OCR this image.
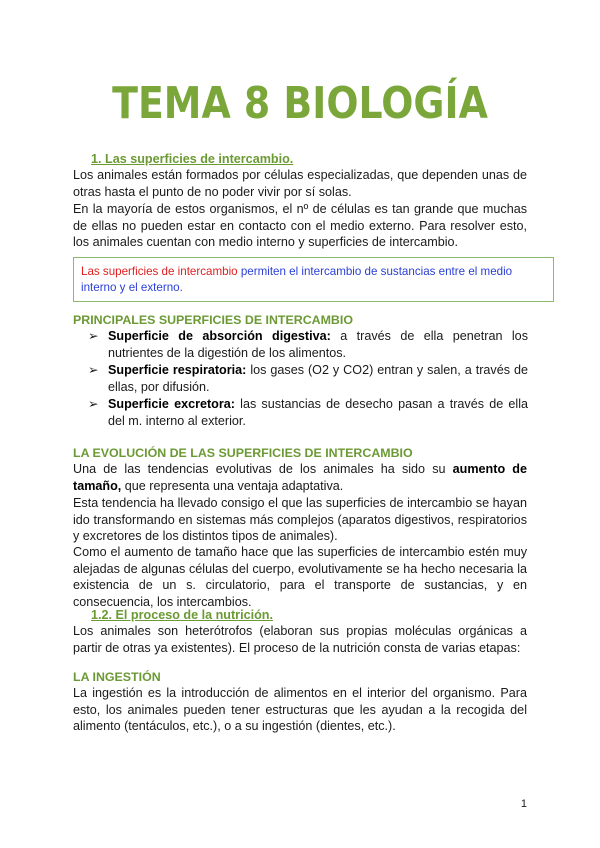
TEMA 8 BIOLOGÍA
1. Las superficies de intercambio.
Los animales están formados por células especializadas, que dependen unas de otras hasta el punto de no poder vivir por sí solas.
En la mayoría de estos organismos, el nº de células es tan grande que muchas de ellas no pueden estar en contacto con el medio externo. Para resolver esto, los animales cuentan con medio interno y superficies de intercambio.
Las superficies de intercambio permiten el intercambio de sustancias entre el medio interno y el externo.
PRINCIPALES SUPERFICIES DE INTERCAMBIO
➢ Superficie de absorción digestiva: a través de ella penetran los nutrientes de la digestión de los alimentos.
➢ Superficie respiratoria: los gases (O2 y CO2) entran y salen, a través de ellas, por difusión.
➢ Superficie excretora: las sustancias de desecho pasan a través de ella del m. interno al exterior.
LA EVOLUCIÓN DE LAS SUPERFICIES DE INTERCAMBIO
Una de las tendencias evolutivas de los animales ha sido su aumento de tamaño, que representa una ventaja adaptativa.
Esta tendencia ha llevado consigo el que las superficies de intercambio se hayan ido transformando en sistemas más complejos (aparatos digestivos, respiratorios y excretores de los distintos tipos de animales).
Como el aumento de tamaño hace que las superficies de intercambio estén muy alejadas de algunas células del cuerpo, evolutivamente se ha hecho necesaria la existencia de un s. circulatorio, para el transporte de sustancias, y en consecuencia, los intercambios.
1.2. El proceso de la nutrición.
Los animales son heterótrofos (elaboran sus propias moléculas orgánicas a partir de otras ya existentes). El proceso de la nutrición consta de varias etapas:
LA INGESTIÓN
La ingestión es la introducción de alimentos en el interior del organismo. Para esto, los animales pueden tener estructuras que les ayudan a la recogida del alimento (tentáculos, etc.), o a su ingestión (dientes, etc.).
1
